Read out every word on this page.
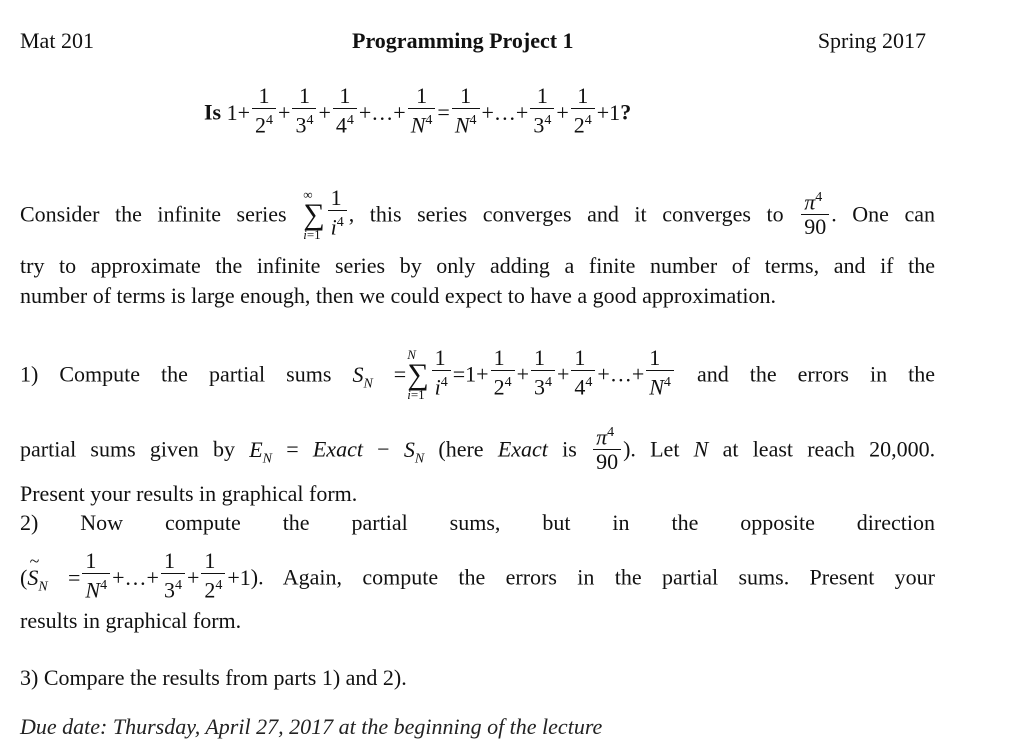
Mat 201	Programming Project 1	Spring 2017
Is $1+ \frac{1}{2^4} + \frac{1}{3^4} + \frac{1}{4^4}$ +…+ $\frac{1}{N^4} = \frac{1}{N^4}$ +…+ $\frac{1}{3^4} + \frac{1}{2^4} +1$?
Consider the infinite series
∞
∑
$i=1 \frac{1}{i^4}$ , this series converges and it converges to $\frac{\pi^4}{90}$ . One can
try to approximate the infinite series by only adding a finite number of terms, and if the
number of terms is large enough, then we could expect to have a good approximation.
1) Compute the partial sums $S_N$ =
N
∑
$i=1 \frac{1}{i^4} =1+ \frac{1}{2^4} + \frac{1}{3^4} + \frac{1}{4^4}$ +…+ $\frac{1}{N^4}$ and the errors in the
partial sums given by $E_N$ = Exact − $S_N$ (here Exact is $\frac{\pi^4}{90}$ ). Let N at least reach 20,000.
Present your results in graphical form.
2) Now compute the partial sums, but in the opposite direction
(~ $S_N = \frac{1}{N^4}$ +…+ $\frac{1}{3^4} + \frac{1}{2^4} +1$). Again, compute the errors in the partial sums. Present your
results in graphical form.
3) Compare the results from parts 1) and 2).
Due date: Thursday, April 27, 2017 at the beginning of the lecture
